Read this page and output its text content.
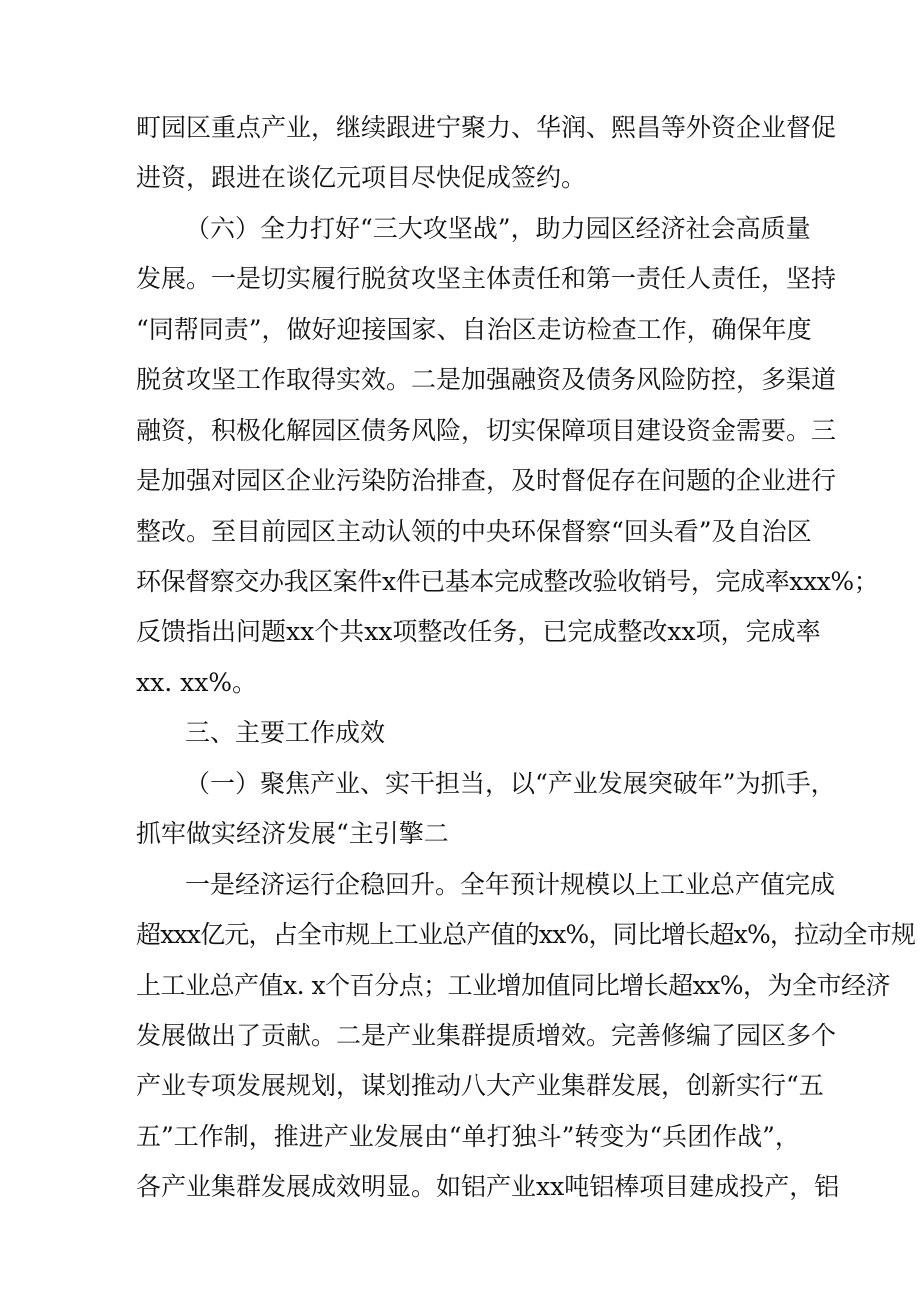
町园区重点产业，继续跟进宁聚力、华润、熙昌等外资企业督促
进资，跟进在谈亿元项目尽快促成签约。
（六）全力打好“三大攻坚战”，助力园区经济社会高质量
发展。一是切实履行脱贫攻坚主体责任和第一责任人责任，坚持
“同帮同责”，做好迎接国家、自治区走访检查工作，确保年度
脱贫攻坚工作取得实效。二是加强融资及债务风险防控，多渠道
融资，积极化解园区债务风险，切实保障项目建设资金需要。三
是加强对园区企业污染防治排查，及时督促存在问题的企业进行
整改。至目前园区主动认领的中央环保督察“回头看”及自治区
环保督察交办我区案件x件已基本完成整改验收销号，完成率xxx%；
反馈指出问题xx个共xx项整改任务，已完成整改xx项，完成率
xx. xx%。
三、主要工作成效
（一）聚焦产业、实干担当，以“产业发展突破年”为抓手，
抓牢做实经济发展“主引擎二
一是经济运行企稳回升。全年预计规模以上工业总产值完成
超xxx亿元，占全市规上工业总产值的xx%，同比增长超x%，拉动全市规
上工业总产值x. x个百分点；工业增加值同比增长超xx%，为全市经济
发展做出了贡献。二是产业集群提质增效。完善修编了园区多个
产业专项发展规划，谋划推动八大产业集群发展，创新实行“五
五”工作制，推进产业发展由“单打独斗”转变为“兵团作战”，
各产业集群发展成效明显。如铝产业xx吨铝棒项目建成投产，铝
